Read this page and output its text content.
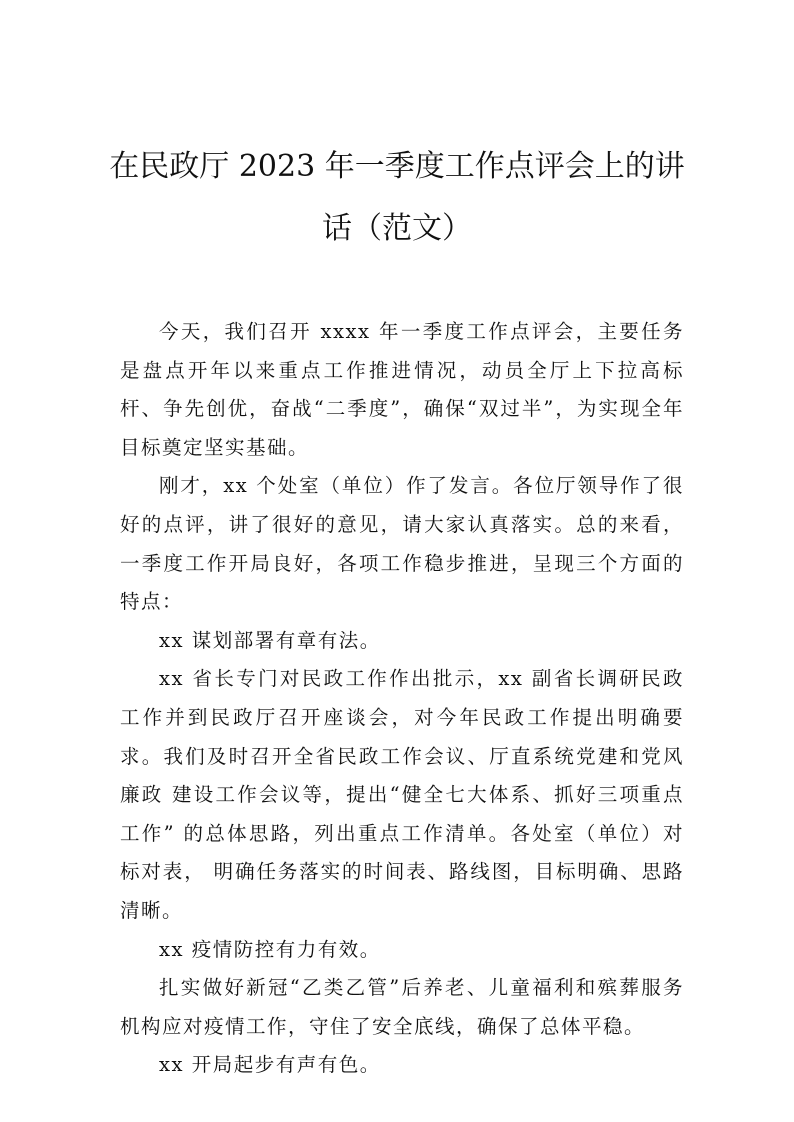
在民政厅 2023 年一季度工作点评会上的讲
话（范文）

今天，我们召开 xxxx 年一季度工作点评会，主要任务是盘点开年以来重点工作推进情况，动员全厅上下拉高标杆、争先创优，奋战“二季度”，确保“双过半”，为实现全年目标奠定坚实基础。

刚才，xx 个处室（单位）作了发言。各位厅领导作了很好的点评，讲了很好的意见，请大家认真落实。总的来看， 一季度工作开局良好，各项工作稳步推进，呈现三个方面的特点：

xx 谋划部署有章有法。

xx 省长专门对民政工作作出批示，xx 副省长调研民政工作并到民政厅召开座谈会，对今年民政工作提出明确要求。我们及时召开全省民政工作会议、厅直系统党建和党风廉政 建设工作会议等，提出“健全七大体系、抓好三项重点工作” 的总体思路，列出重点工作清单。各处室（单位）对标对表， 明确任务落实的时间表、路线图，目标明确、思路清晰。

xx 疫情防控有力有效。

扎实做好新冠“乙类乙管”后养老、儿童福利和殡葬服务机构应对疫情工作，守住了安全底线，确保了总体平稳。

xx 开局起步有声有色。
